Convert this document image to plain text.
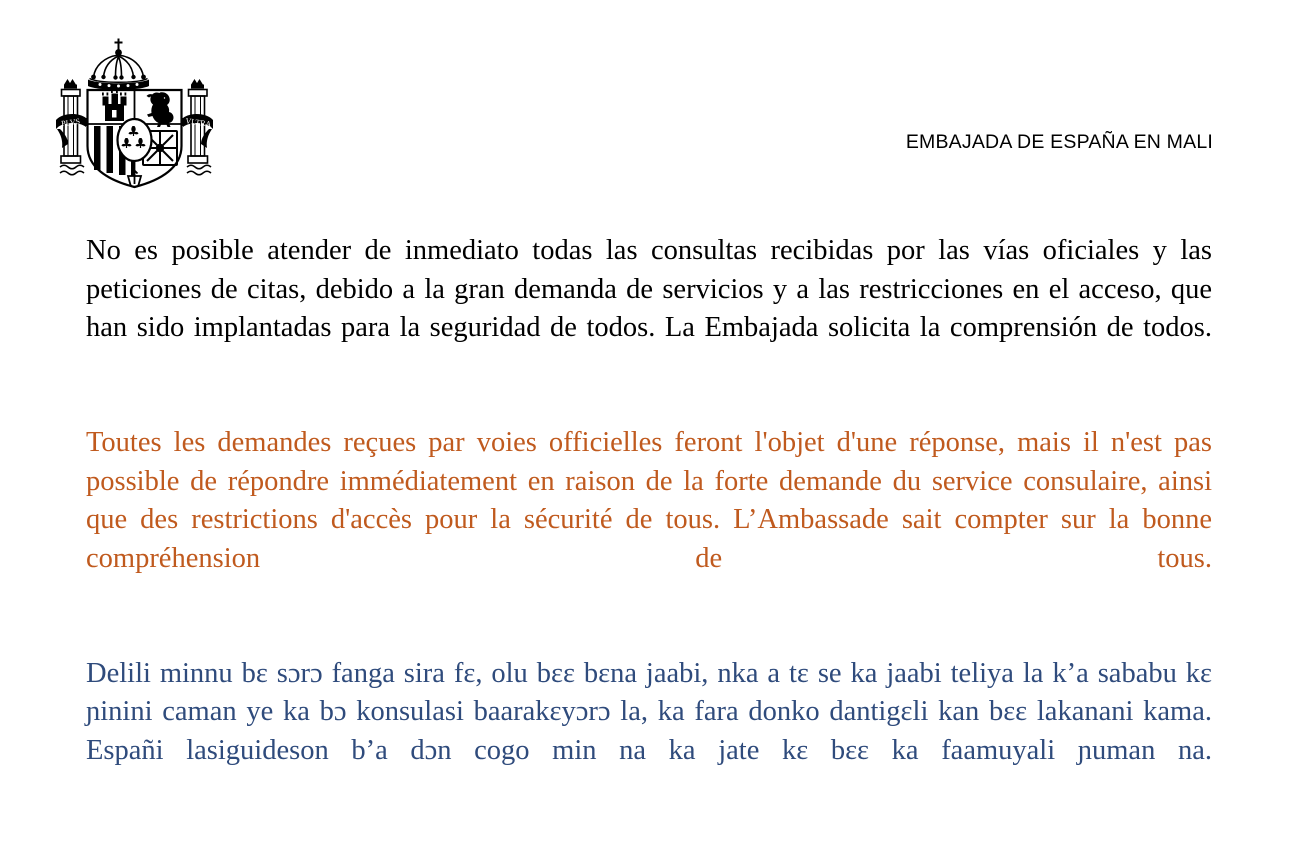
PLVS	VLTRA
EMBAJADA DE ESPAÑA EN MALI

No es posible atender de inmediato todas las consultas recibidas por las vías oficiales y las peticiones de citas, debido a la gran demanda de servicios y a las restricciones en el acceso, que han sido implantadas para la seguridad de todos. La Embajada solicita la comprensión de todos.

Toutes les demandes reçues par voies officielles feront l'objet d'une réponse, mais il n'est pas possible de répondre immédiatement en raison de la forte demande du service consulaire, ainsi que des restrictions d'accès pour la sécurité de tous. L’Ambassade sait compter sur la bonne compréhension de tous.

Delili minnu bɛ sɔrɔ fanga sira fɛ, olu bɛɛ bɛna jaabi, nka a tɛ se ka jaabi teliya la k’a sababu kɛ ɲinini caman ye ka bɔ konsulasi baarakɛyɔrɔ la, ka fara donko dantigɛli kan bɛɛ lakanani kama. Españi lasiguideson b’a dɔn cogo min na ka jate kɛ bɛɛ ka faamuyali ɲuman na.
